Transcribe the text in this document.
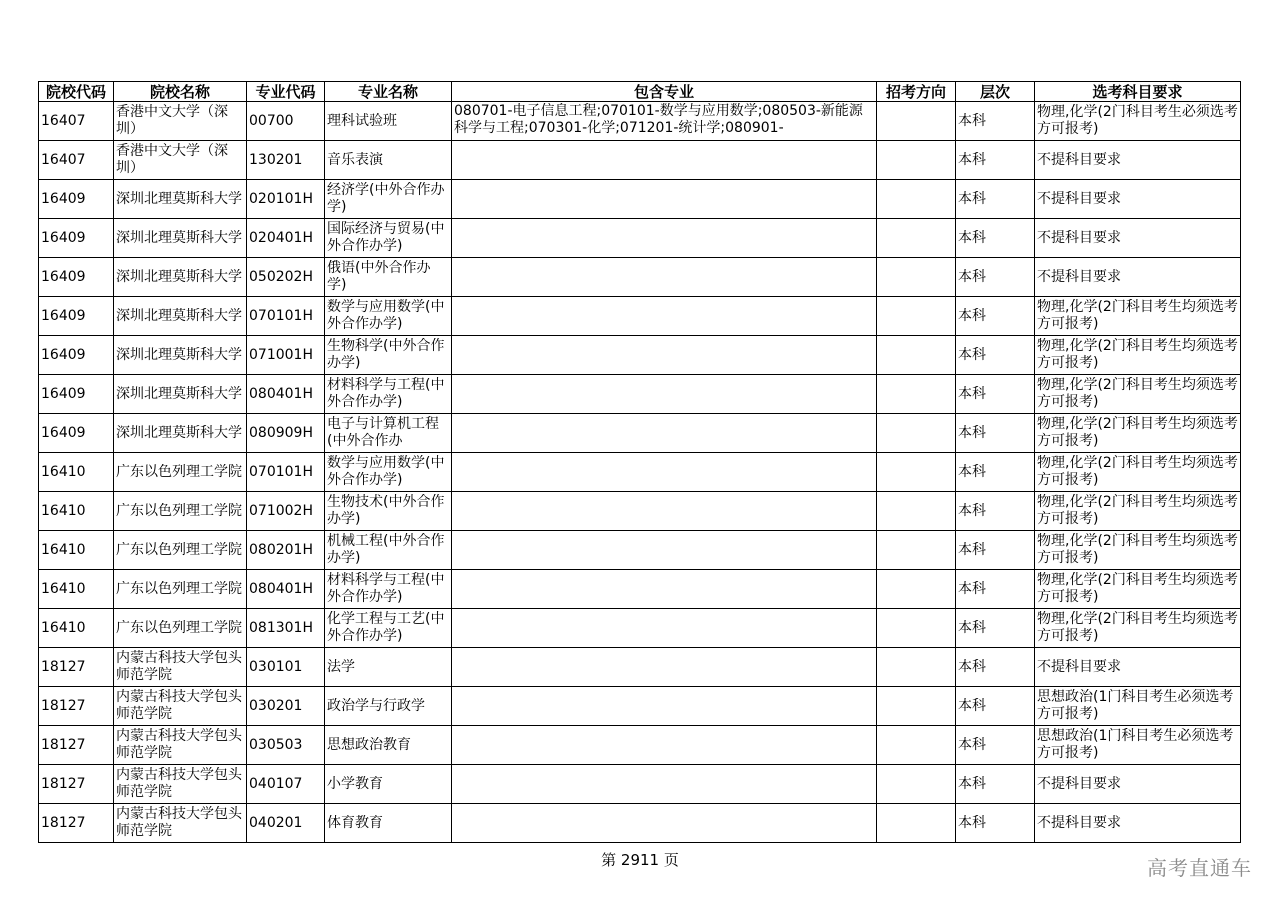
院校代码	院校名称	专业代码	专业名称	包含专业	招考方向	层次	选考科目要求

16407	香港中文大学（深圳）	00700	理科试验班	080701-电子信息工程;070101-数学与应用数学;080503-新能源科学与工程;070301-化学;071201-统计学;080901-		本科	物理,化学(2门科目考生必须选考方可报考)

16407	香港中文大学（深圳）	130201	音乐表演			本科	不提科目要求

16409	深圳北理莫斯科大学	020101H	经济学(中外合作办学)			本科	不提科目要求

16409	深圳北理莫斯科大学	020401H	国际经济与贸易(中外合作办学)			本科	不提科目要求

16409	深圳北理莫斯科大学	050202H	俄语(中外合作办学)			本科	不提科目要求

16409	深圳北理莫斯科大学	070101H	数学与应用数学(中外合作办学)			本科	物理,化学(2门科目考生均须选考方可报考)

16409	深圳北理莫斯科大学	071001H	生物科学(中外合作办学)			本科	物理,化学(2门科目考生均须选考方可报考)

16409	深圳北理莫斯科大学	080401H	材料科学与工程(中外合作办学)			本科	物理,化学(2门科目考生均须选考方可报考)

16409	深圳北理莫斯科大学	080909H	电子与计算机工程(中外合作办			本科	物理,化学(2门科目考生均须选考方可报考)

16410	广东以色列理工学院	070101H	数学与应用数学(中外合作办学)			本科	物理,化学(2门科目考生均须选考方可报考)

16410	广东以色列理工学院	071002H	生物技术(中外合作办学)			本科	物理,化学(2门科目考生均须选考方可报考)

16410	广东以色列理工学院	080201H	机械工程(中外合作办学)			本科	物理,化学(2门科目考生均须选考方可报考)

16410	广东以色列理工学院	080401H	材料科学与工程(中外合作办学)			本科	物理,化学(2门科目考生均须选考方可报考)

16410	广东以色列理工学院	081301H	化学工程与工艺(中外合作办学)			本科	物理,化学(2门科目考生均须选考方可报考)

18127	内蒙古科技大学包头师范学院	030101	法学			本科	不提科目要求

18127	内蒙古科技大学包头师范学院	030201	政治学与行政学			本科	思想政治(1门科目考生必须选考方可报考)

18127	内蒙古科技大学包头师范学院	030503	思想政治教育			本科	思想政治(1门科目考生必须选考方可报考)

18127	内蒙古科技大学包头师范学院	040107	小学教育			本科	不提科目要求

18127	内蒙古科技大学包头师范学院	040201	体育教育			本科	不提科目要求
第 2911 页	高考直通车
